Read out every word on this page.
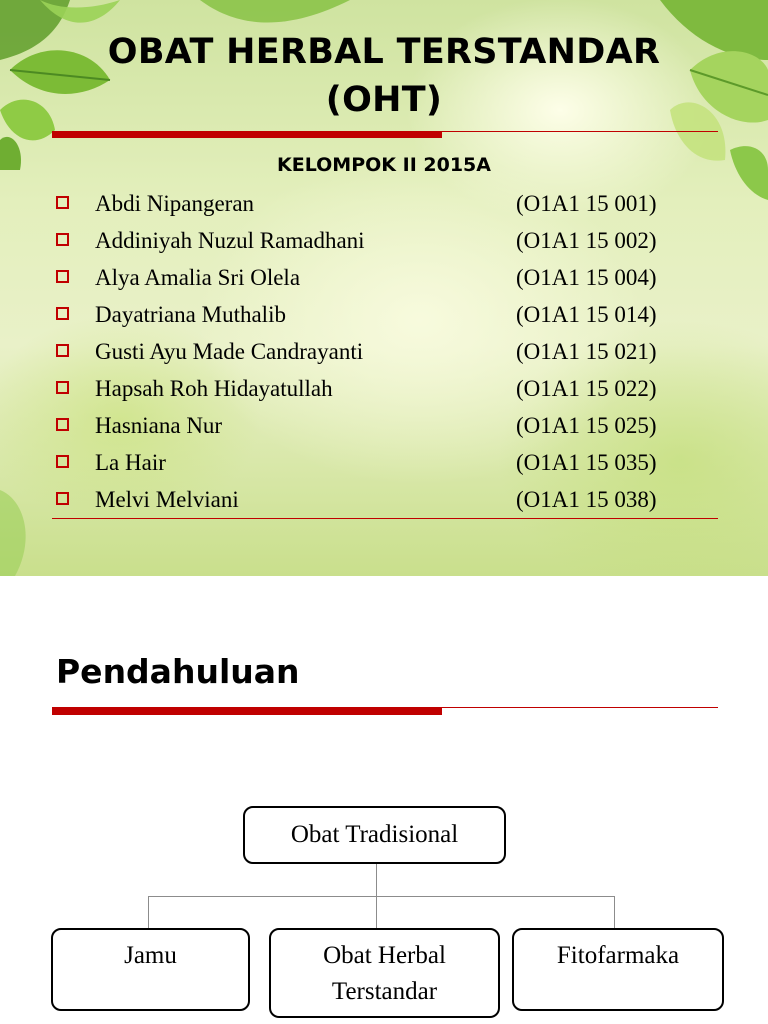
OBAT HERBAL TERSTANDAR
(OHT)
KELOMPOK II 2015A
Abdi Nipangeran	(O1A1 15 001)
Addiniyah Nuzul Ramadhani	(O1A1 15 002)
Alya Amalia Sri Olela	(O1A1 15 004)
Dayatriana Muthalib	(O1A1 15 014)
Gusti Ayu Made Candrayanti	(O1A1 15 021)
Hapsah Roh Hidayatullah	(O1A1 15 022)
Hasniana Nur	(O1A1 15 025)
La Hair	(O1A1 15 035)
Melvi Melviani	(O1A1 15 038)
Pendahuluan
Obat Tradisional
Jamu	Obat Herbal Terstandar
Fitofarmaka
